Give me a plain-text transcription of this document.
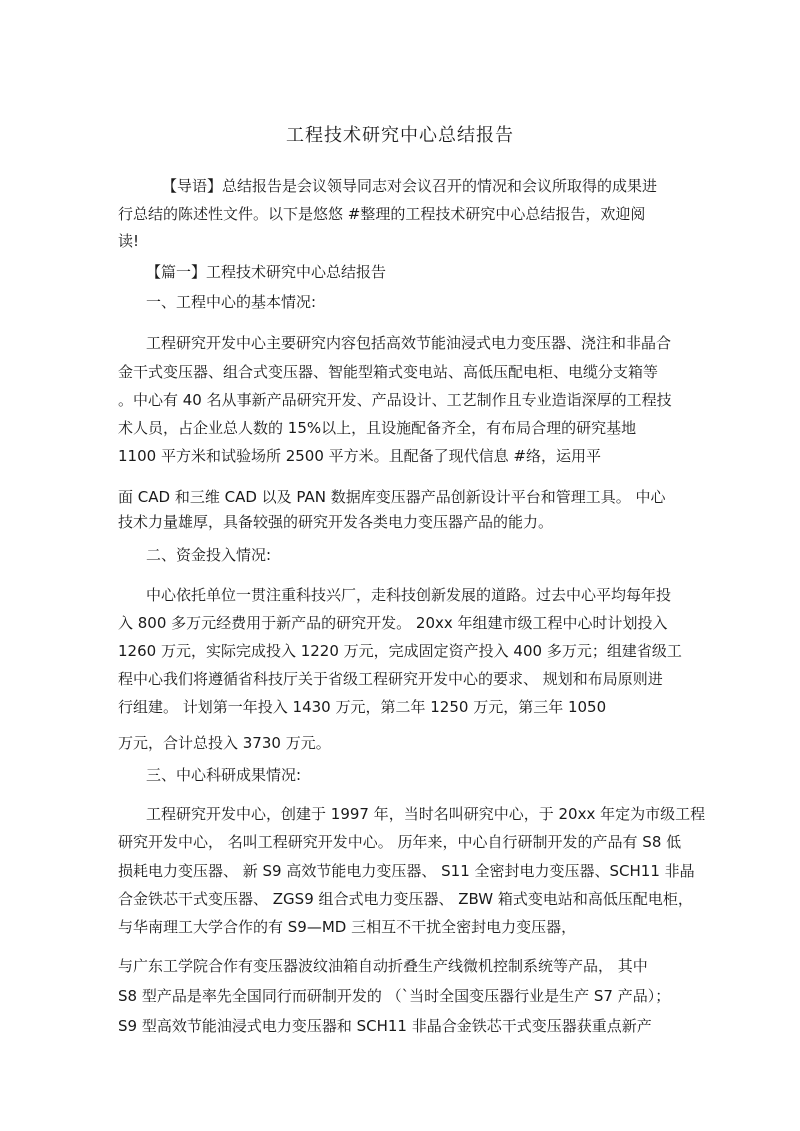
工程技术研究中心总结报告
【导语】总结报告是会议领导同志对会议召开的情况和会议所取得的成果进
行总结的陈述性文件。以下是悠悠 #整理的工程技术研究中心总结报告，欢迎阅
读!
【篇一】工程技术研究中心总结报告
一、工程中心的基本情况:
工程研究开发中心主要研究内容包括高效节能油浸式电力变压器、浇注和非晶合
金干式变压器、组合式变压器、智能型箱式变电站、高低压配电柜、电缆分支箱等
。中心有 40 名从事新产品研究开发、产品设计、工艺制作且专业造诣深厚的工程技
术人员，占企业总人数的 15%以上，且设施配备齐全，有布局合理的研究基地
1100 平方米和试验场所 2500 平方米。且配备了现代信息 #络，运用平
面 CAD 和三维 CAD 以及 PAN 数据库变压器产品创新设计平台和管理工具。 中心
技术力量雄厚，具备较强的研究开发各类电力变压器产品的能力。
二、资金投入情况:
中心依托单位一贯注重科技兴厂，走科技创新发展的道路。过去中心平均每年投
入 800 多万元经费用于新产品的研究开发。 20xx 年组建市级工程中心时计划投入
1260 万元，实际完成投入 1220 万元，完成固定资产投入 400 多万元；组建省级工
程中心我们将遵循省科技厅关于省级工程研究开发中心的要求、 规划和布局原则进
行组建。 计划第一年投入 1430 万元，第二年 1250 万元，第三年 1050
万元，合计总投入 3730 万元。
三、中心科研成果情况:
工程研究开发中心，创建于 1997 年，当时名叫研究中心，于 20xx 年定为市级工程
研究开发中心， 名叫工程研究开发中心。 历年来，中心自行研制开发的产品有 S8 低
损耗电力变压器、 新 S9 高效节能电力变压器、 S11 全密封电力变压器、SCH11 非晶
合金铁芯干式变压器、 ZGS9 组合式电力变压器、 ZBW 箱式变电站和高低压配电柜，
与华南理工大学合作的有 S9—MD 三相互不干扰全密封电力变压器，
与广东工学院合作有变压器波纹油箱自动折叠生产线微机控制系统等产品， 其中
S8 型产品是率先全国同行而研制开发的 （`当时全国变压器行业是生产 S7 产品）；
S9 型高效节能油浸式电力变压器和 SCH11 非晶合金铁芯干式变压器获重点新产
